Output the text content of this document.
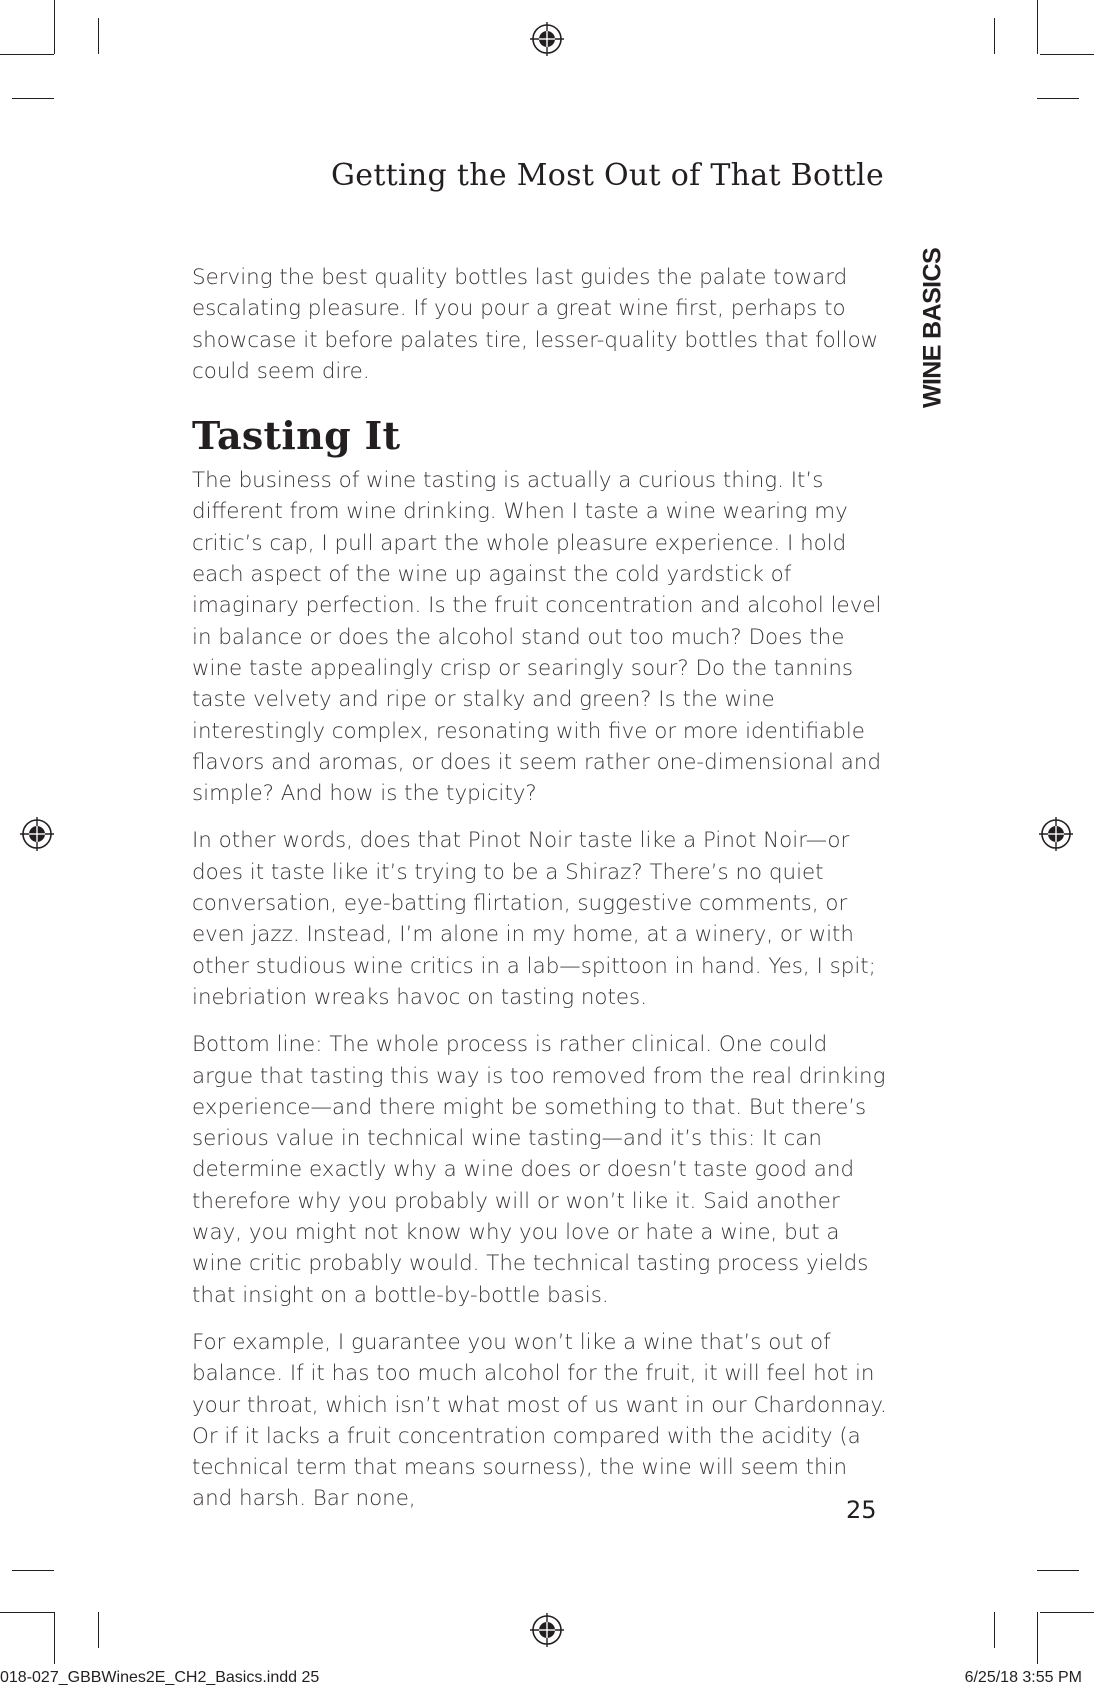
Getting the Most Out of That Bottle
WINE BASICS

Serving the best quality bottles last guides the palate toward escalating pleasure. If you pour a great wine first, perhaps to showcase it before palates tire, lesser-quality bottles that follow could seem dire.

Tasting It

The business of wine tasting is actually a curious thing. It’s different from wine drinking. When I taste a wine wearing my critic’s cap, I pull apart the whole pleasure experience. I hold each aspect of the wine up against the cold yardstick of imaginary perfection. Is the fruit concentration and alcohol level in balance or does the alcohol stand out too much? Does the wine taste appealingly crisp or searingly sour? Do the tannins taste velvety and ripe or stalky and green? Is the wine interestingly complex, resonating with five or more identifiable flavors and aromas, or does it seem rather one-dimensional and simple? And how is the typicity?

In other words, does that Pinot Noir taste like a Pinot Noir—or does it taste like it’s trying to be a Shiraz? There’s no quiet conversation, eye-batting flirtation, suggestive comments, or even jazz. Instead, I’m alone in my home, at a winery, or with other studious wine critics in a lab—spittoon in hand. Yes, I spit; inebriation wreaks havoc on tasting notes.

Bottom line: The whole process is rather clinical. One could argue that tasting this way is too removed from the real drinking experience—and there might be something to that. But there’s serious value in technical wine tasting—and it’s this: It can determine exactly why a wine does or doesn’t taste good and therefore why you probably will or won’t like it. Said another way, you might not know why you love or hate a wine, but a wine critic probably would. The technical tasting process yields that insight on a bottle-by-bottle basis.

For example, I guarantee you won’t like a wine that’s out of balance. If it has too much alcohol for the fruit, it will feel hot in your throat, which isn’t what most of us want in our Chardonnay. Or if it lacks a fruit concentration compared with the acidity (a technical term that means sourness), the wine will seem thin and harsh. Bar none,	25
018-027_GBBWines2E_CH2_Basics.indd 25	6/25/18 3:55 PM
